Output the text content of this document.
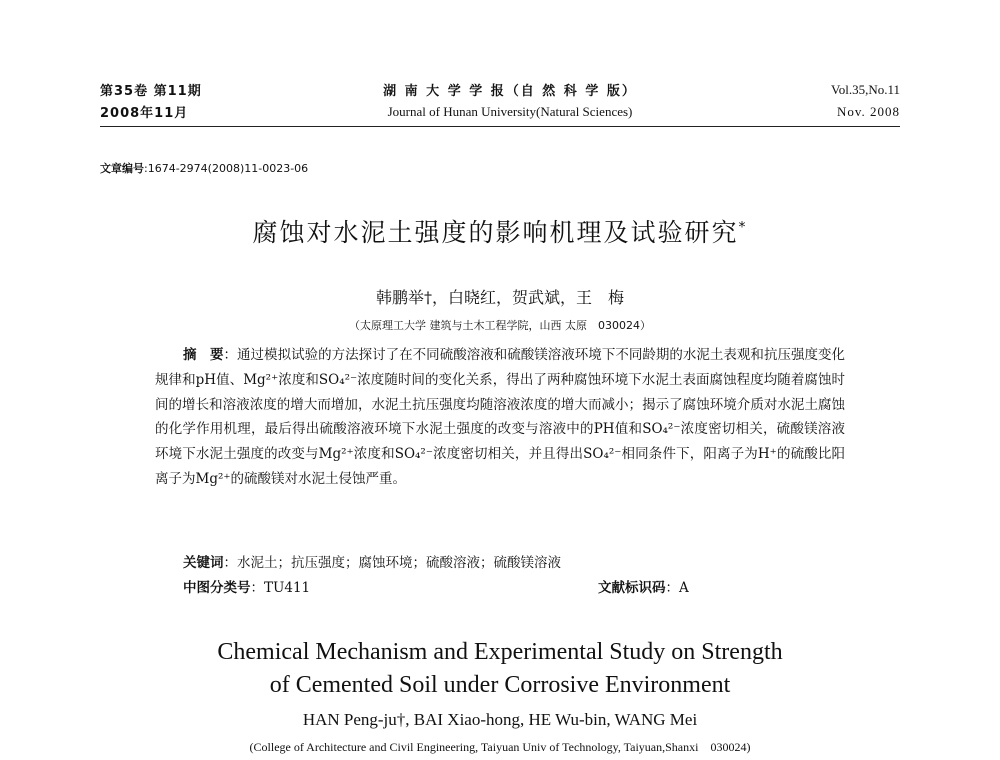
第35卷 第11期
2008年11月
湖 南 大 学 学 报（自 然 科 学 版）
Journal of Hunan University(Natural Sciences)
Vol.35,No.11
Nov. 2008
文章编号:1674-2974(2008)11-0023-06
腐蚀对水泥土强度的影响机理及试验研究*
韩鹏举†，白晓红，贺武斌，王　梅
（太原理工大学 建筑与土木工程学院，山西 太原　030024）
摘　要：通过模拟试验的方法探讨了在不同硫酸溶液和硫酸镁溶液环境下不同龄期的水泥土表观和抗压强度变化规律和pH值、Mg²⁺浓度和SO₄²⁻浓度随时间的变化关系，得出了两种腐蚀环境下水泥土表面腐蚀程度均随着腐蚀时间的增长和溶液浓度的增大而增加，水泥土抗压强度均随溶液浓度的增大而减小；揭示了腐蚀环境介质对水泥土腐蚀的化学作用机理，最后得出硫酸溶液环境下水泥土强度的改变与溶液中的PH值和SO₄²⁻浓度密切相关，硫酸镁溶液环境下水泥土强度的改变与Mg²⁺浓度和SO₄²⁻浓度密切相关，并且得出SO₄²⁻相同条件下，阳离子为H⁺的硫酸比阳离子为Mg²⁺的硫酸镁对水泥土侵蚀严重。
关键词：水泥土；抗压强度；腐蚀环境；硫酸溶液；硫酸镁溶液
中图分类号：TU411	文献标识码：A
Chemical Mechanism and Experimental Study on Strength
of Cemented Soil under Corrosive Environment
HAN Peng-ju†, BAI Xiao-hong, HE Wu-bin, WANG Mei
(College of Architecture and Civil Engineering, Taiyuan Univ of Technology, Taiyuan,Shanxi　030024)
